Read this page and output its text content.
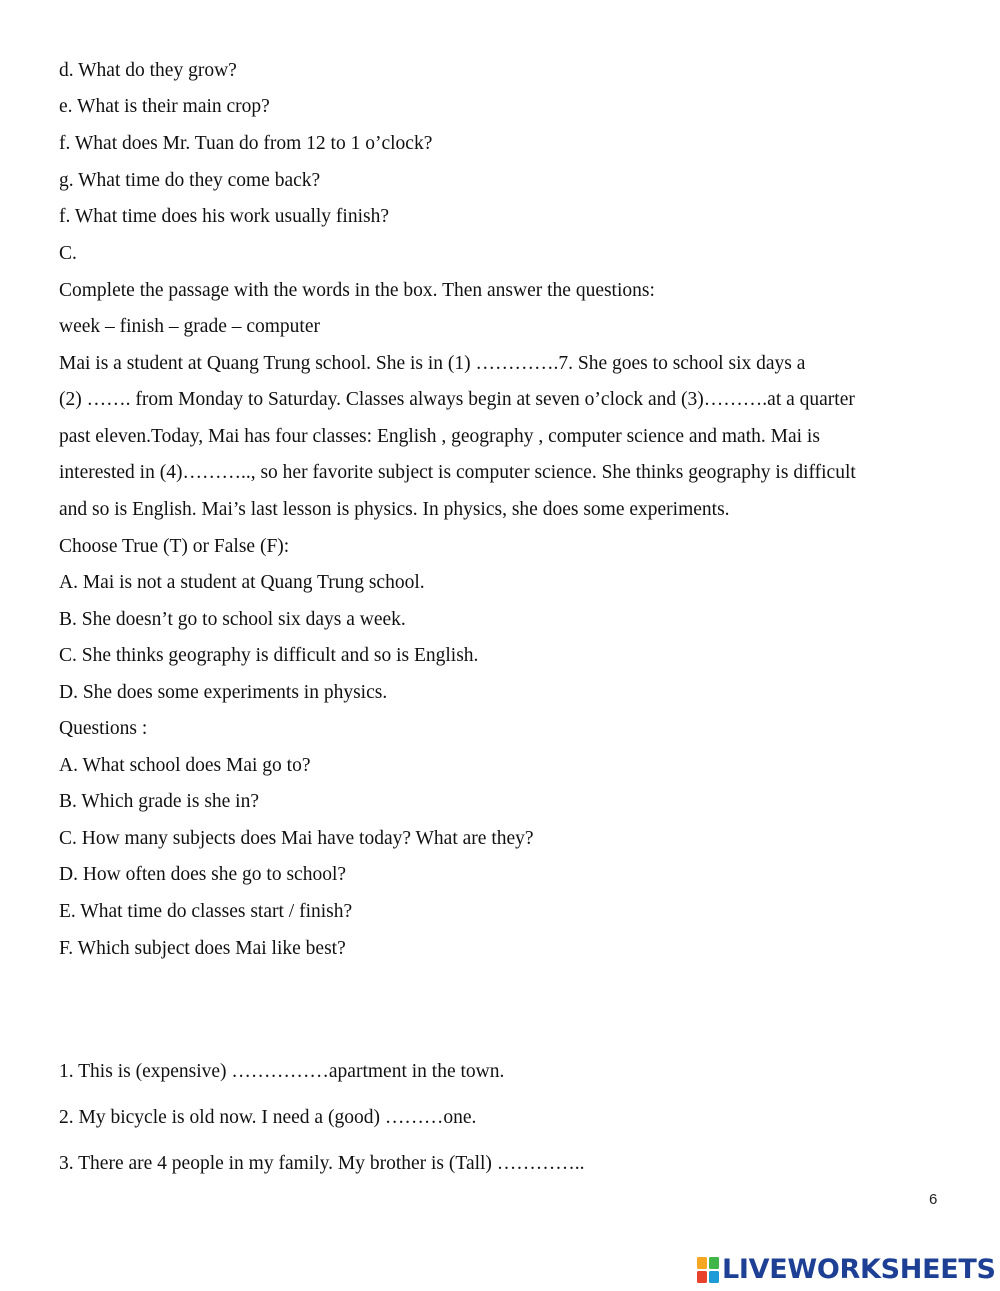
d. What do they grow?
e. What is their main crop?
f. What does Mr. Tuan do from 12 to 1 o’clock?
g. What time do they come back?
f. What time does his work usually finish?
C.
Complete the passage with the words in the box. Then answer the questions:
week – finish – grade – computer
Mai is a student at Quang Trung school. She is in (1) ………….7. She goes to school six days a
(2) ……. from Monday to Saturday. Classes always begin at seven o’clock and (3)……….at a quarter
past eleven.Today, Mai has four classes: English , geography , computer science and math. Mai is
interested in (4)……….., so her favorite subject is computer science. She thinks geography is difficult
and so is English. Mai’s last lesson is physics. In physics, she does some experiments.
Choose True (T) or False (F):
A. Mai is not a student at Quang Trung school.
B. She doesn’t go to school six days a week.
C. She thinks geography is difficult and so is English.
D. She does some experiments in physics.
Questions :
A. What school does Mai go to?
B. Which grade is she in?
C. How many subjects does Mai have today? What are they?
D. How often does she go to school?
E. What time do classes start / finish?
F. Which subject does Mai like best?
1. This is (expensive) ……………apartment in the town.
2. My bicycle is old now. I need a (good) ………one.
3. There are 4 people in my family. My brother is (Tall) …………..
6
LIVEWORKSHEETS
